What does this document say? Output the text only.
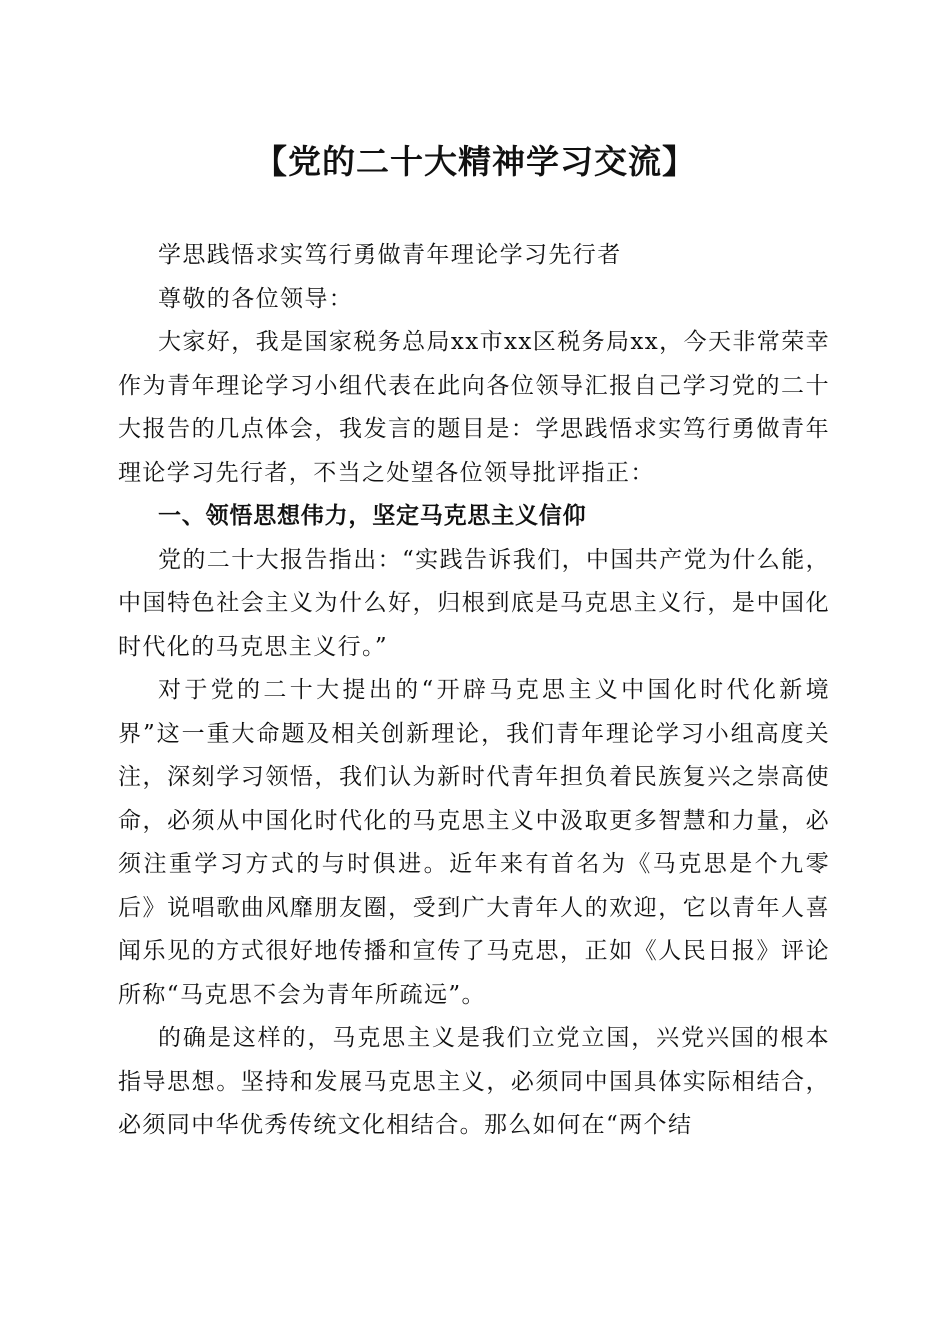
【党的二十大精神学习交流】

学思践悟求实笃行勇做青年理论学习先行者

尊敬的各位领导：

大家好，我是国家税务总局xx市xx区税务局xx，今天非常荣幸作为青年理论学习小组代表在此向各位领导汇报自己学习党的二十大报告的几点体会，我发言的题目是：学思践悟求实笃行勇做青年理论学习先行者，不当之处望各位领导批评指正：

一、领悟思想伟力，坚定马克思主义信仰

党的二十大报告指出：“实践告诉我们，中国共产党为什么能，中国特色社会主义为什么好，归根到底是马克思主义行，是中国化时代化的马克思主义行。”

对于党的二十大提出的“开辟马克思主义中国化时代化新境界”这一重大命题及相关创新理论，我们青年理论学习小组高度关注，深刻学习领悟，我们认为新时代青年担负着民族复兴之崇高使命，必须从中国化时代化的马克思主义中汲取更多智慧和力量，必须注重学习方式的与时俱进。近年来有首名为《马克思是个九零后》说唱歌曲风靡朋友圈，受到广大青年人的欢迎，它以青年人喜闻乐见的方式很好地传播和宣传了马克思，正如《人民日报》评论所称“马克思不会为青年所疏远”。

的确是这样的，马克思主义是我们立党立国，兴党兴国的根本指导思想。坚持和发展马克思主义，必须同中国具体实际相结合，必须同中华优秀传统文化相结合。那么如何在“两个结
